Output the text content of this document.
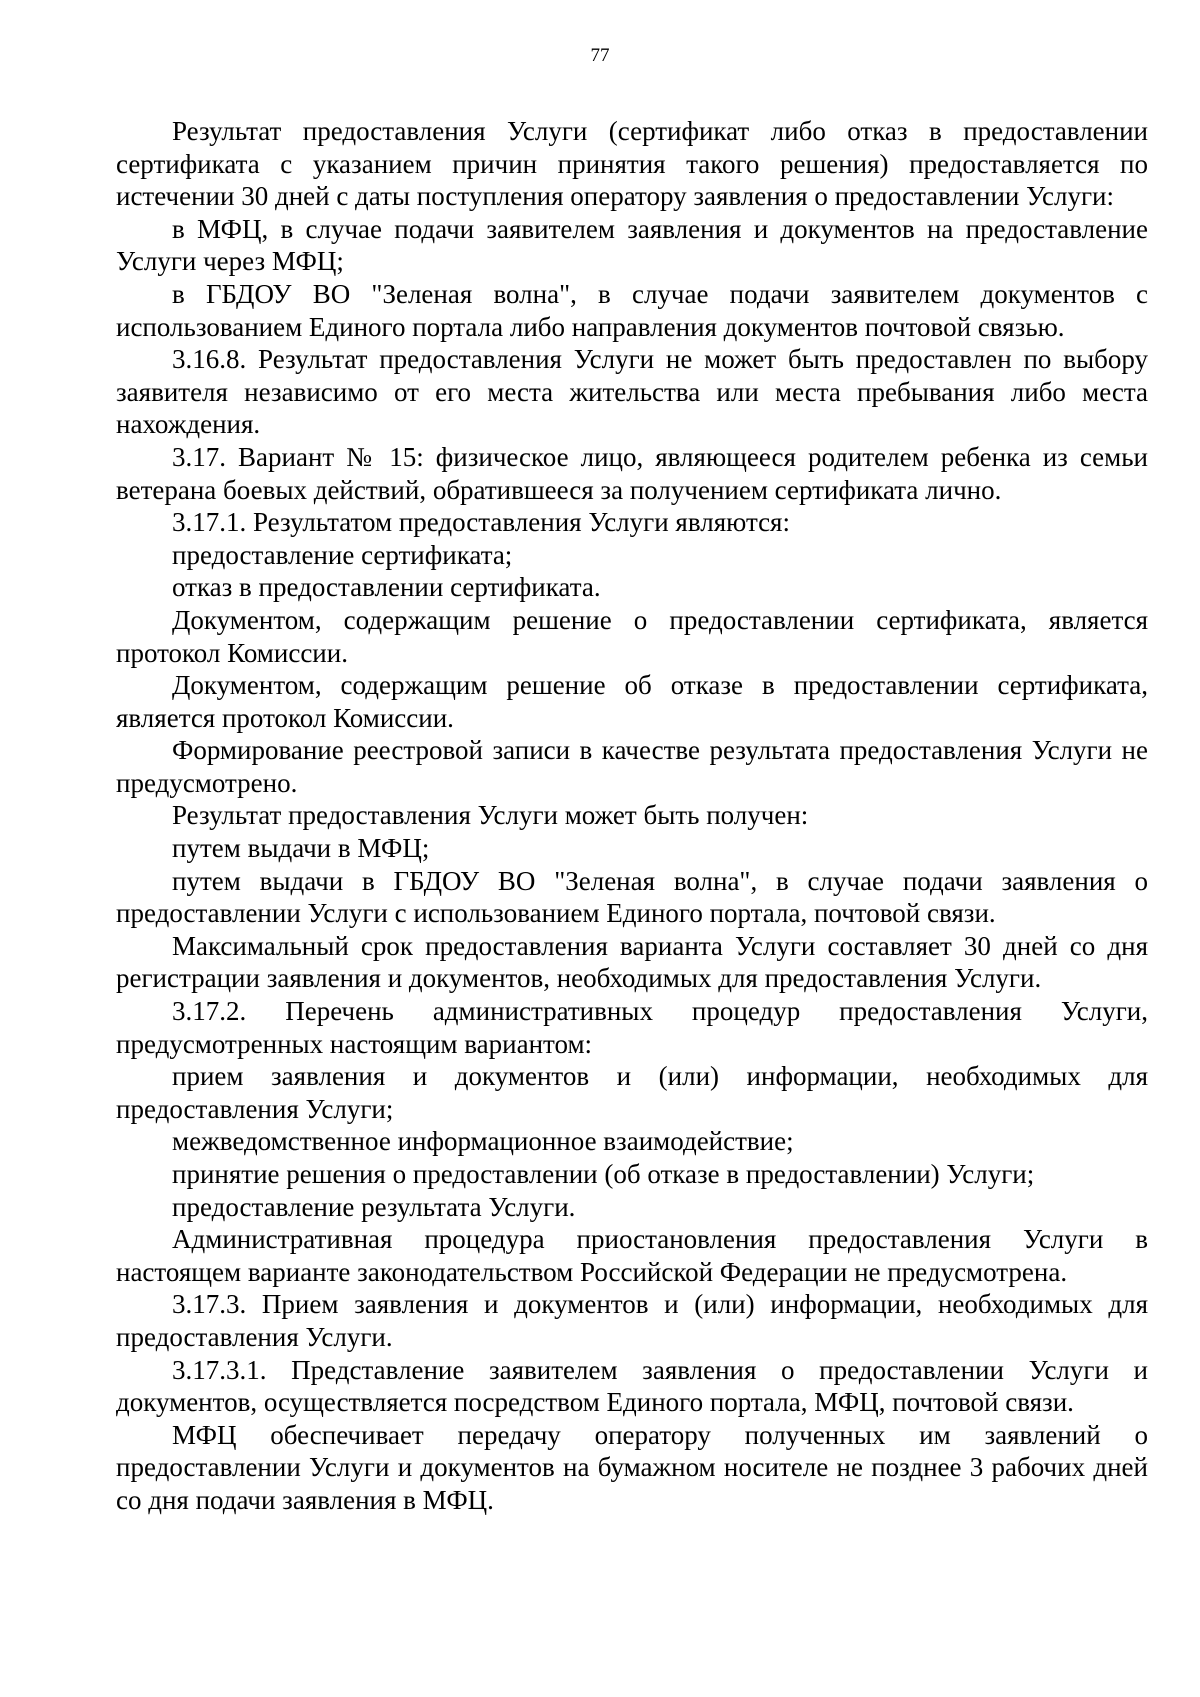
77

Результат предоставления Услуги (сертификат либо отказ в предоставлении сертификата с указанием причин принятия такого решения) предоставляется по истечении 30 дней с даты поступления оператору заявления о предоставлении Услуги:

в МФЦ, в случае подачи заявителем заявления и документов на предоставление Услуги через МФЦ;

в ГБДОУ ВО "Зеленая волна", в случае подачи заявителем документов с использованием Единого портала либо направления документов почтовой связью.

3.16.8. Результат предоставления Услуги не может быть предоставлен по выбору заявителя независимо от его места жительства или места пребывания либо места нахождения.

3.17. Вариант № 15: физическое лицо, являющееся родителем ребенка из семьи ветерана боевых действий, обратившееся за получением сертификата лично.

3.17.1. Результатом предоставления Услуги являются:

предоставление сертификата;

отказ в предоставлении сертификата.

Документом, содержащим решение о предоставлении сертификата, является протокол Комиссии.

Документом, содержащим решение об отказе в предоставлении сертификата, является протокол Комиссии.

Формирование реестровой записи в качестве результата предоставления Услуги не предусмотрено.

Результат предоставления Услуги может быть получен:

путем выдачи в МФЦ;

путем выдачи в ГБДОУ ВО "Зеленая волна", в случае подачи заявления о предоставлении Услуги с использованием Единого портала, почтовой связи.

Максимальный срок предоставления варианта Услуги составляет 30 дней со дня регистрации заявления и документов, необходимых для предоставления Услуги.

3.17.2. Перечень административных процедур предоставления Услуги, предусмотренных настоящим вариантом:

прием заявления и документов и (или) информации, необходимых для предоставления Услуги;

межведомственное информационное взаимодействие;

принятие решения о предоставлении (об отказе в предоставлении) Услуги;

предоставление результата Услуги.

Административная процедура приостановления предоставления Услуги в настоящем варианте законодательством Российской Федерации не предусмотрена.

3.17.3. Прием заявления и документов и (или) информации, необходимых для предоставления Услуги.

3.17.3.1. Представление заявителем заявления о предоставлении Услуги и документов, осуществляется посредством Единого портала, МФЦ, почтовой связи.

МФЦ обеспечивает передачу оператору полученных им заявлений о предоставлении Услуги и документов на бумажном носителе не позднее 3 рабочих дней со дня подачи заявления в МФЦ.
